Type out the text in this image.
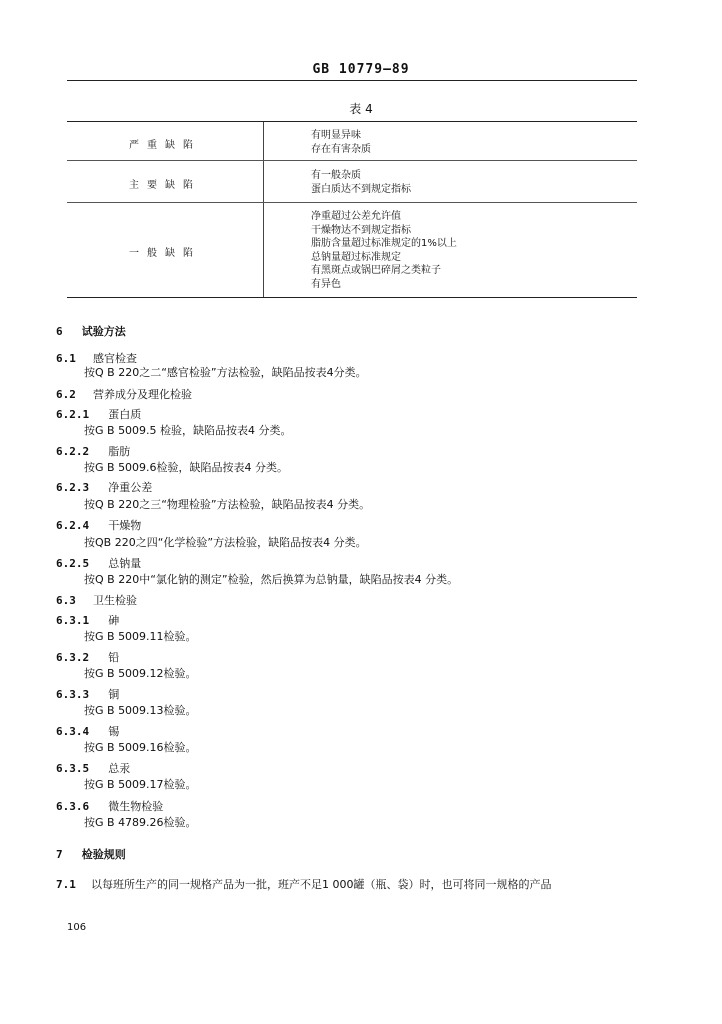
GB 10779—89
表 4
严重缺陷
有明显异味
存在有害杂质
主要缺陷
有一般杂质
蛋白质达不到规定指标
一般缺陷
净重超过公差允许值
干燥物达不到规定指标
脂肪含量超过标准规定的1%以上
总钠量超过标准规定
有黑斑点或锅巴碎屑之类粒子
有异色
6 试验方法
6.1 感官检查
按Q B 220之二“感官检验”方法检验，缺陷品按表4分类。
6.2 营养成分及理化检验
6.2.1 蛋白质
按G B 5009.5 检验，缺陷品按表4 分类。
6.2.2 脂肪
按G B 5009.6检验，缺陷品按表4 分类。
6.2.3 净重公差
按Q B 220之三“物理检验”方法检验，缺陷品按表4 分类。
6.2.4 干燥物
按QB 220之四“化学检验”方法检验，缺陷品按表4 分类。
6.2.5 总钠量
按Q B 220中“氯化钠的测定”检验，然后换算为总钠量，缺陷品按表4 分类。
6.3 卫生检验
6.3.1 砷
按G B 5009.11检验。
6.3.2 铅
按G B 5009.12检验。
6.3.3 铜
按G B 5009.13检验。
6.3.4 锡
按G B 5009.16检验。
6.3.5 总汞
按G B 5009.17检验。
6.3.6 微生物检验
按G B 4789.26检验。
7 检验规则
7.1 以每班所生产的同一规格产品为一批，班产不足1 000罐（瓶、袋）时，也可将同一规格的产品
106
